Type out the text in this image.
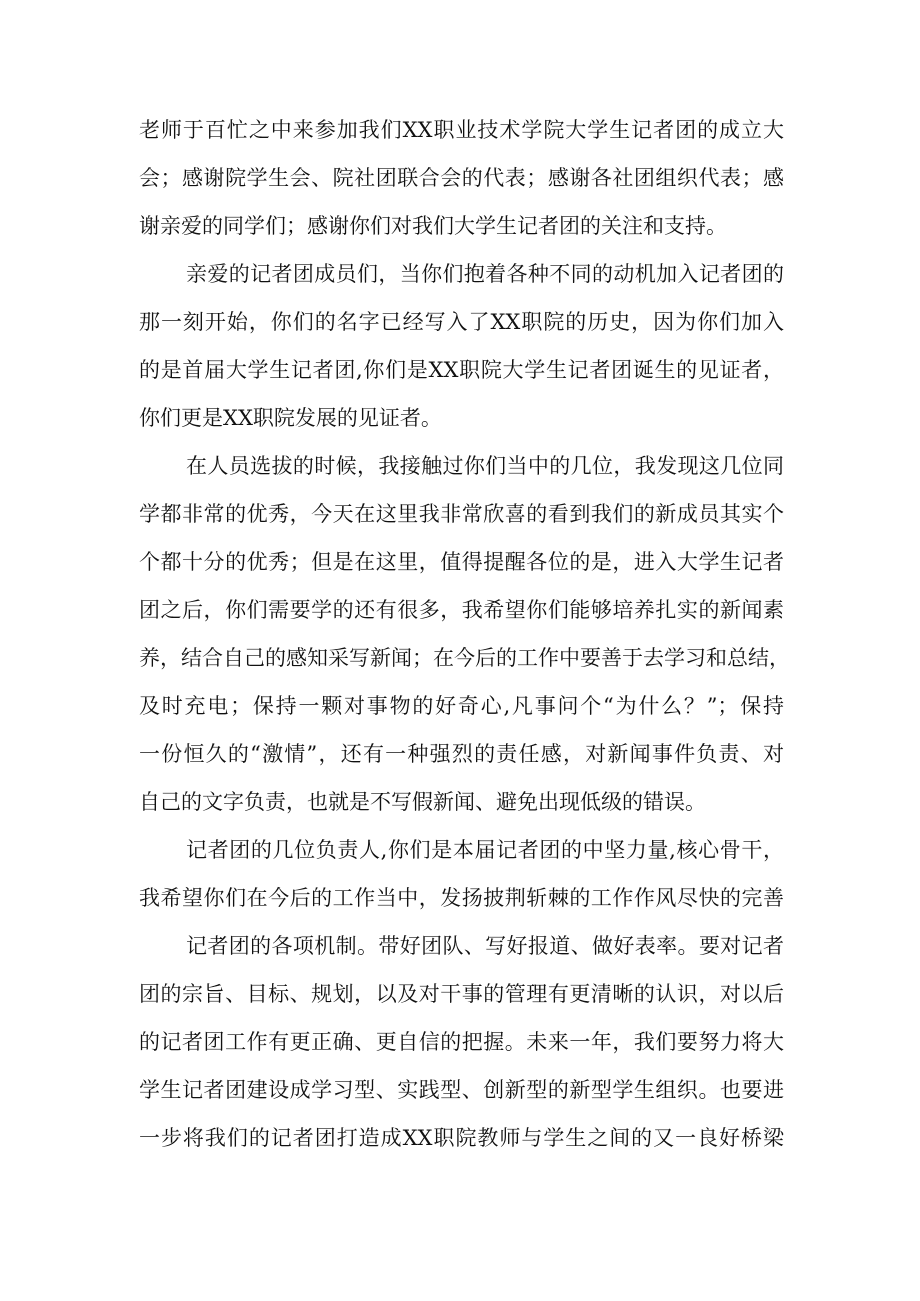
老师于百忙之中来参加我们XX职业技术学院大学生记者团的成立大
会；感谢院学生会、院社团联合会的代表；感谢各社团组织代表；感
谢亲爱的同学们；感谢你们对我们大学生记者团的关注和支持。
亲爱的记者团成员们，当你们抱着各种不同的动机加入记者团的
那一刻开始，你们的名字已经写入了XX职院的历史，因为你们加入
的是首届大学生记者团,你们是XX职院大学生记者团诞生的见证者，
你们更是XX职院发展的见证者。
在人员选拔的时候，我接触过你们当中的几位，我发现这几位同
学都非常的优秀，今天在这里我非常欣喜的看到我们的新成员其实个
个都十分的优秀；但是在这里，值得提醒各位的是，进入大学生记者
团之后，你们需要学的还有很多，我希望你们能够培养扎实的新闻素
养，结合自己的感知采写新闻；在今后的工作中要善于去学习和总结，
及时充电；保持一颗对事物的好奇心,凡事问个“为什么？”；保持
一份恒久的“激情”，还有一种强烈的责任感，对新闻事件负责、对
自己的文字负责，也就是不写假新闻、避免出现低级的错误。
记者团的几位负责人,你们是本届记者团的中坚力量,核心骨干，
我希望你们在今后的工作当中，发扬披荆斩棘的工作作风尽快的完善
记者团的各项机制。带好团队、写好报道、做好表率。要对记者
团的宗旨、目标、规划，以及对干事的管理有更清晰的认识，对以后
的记者团工作有更正确、更自信的把握。未来一年，我们要努力将大
学生记者团建设成学习型、实践型、创新型的新型学生组织。也要进
一步将我们的记者团打造成XX职院教师与学生之间的又一良好桥梁
